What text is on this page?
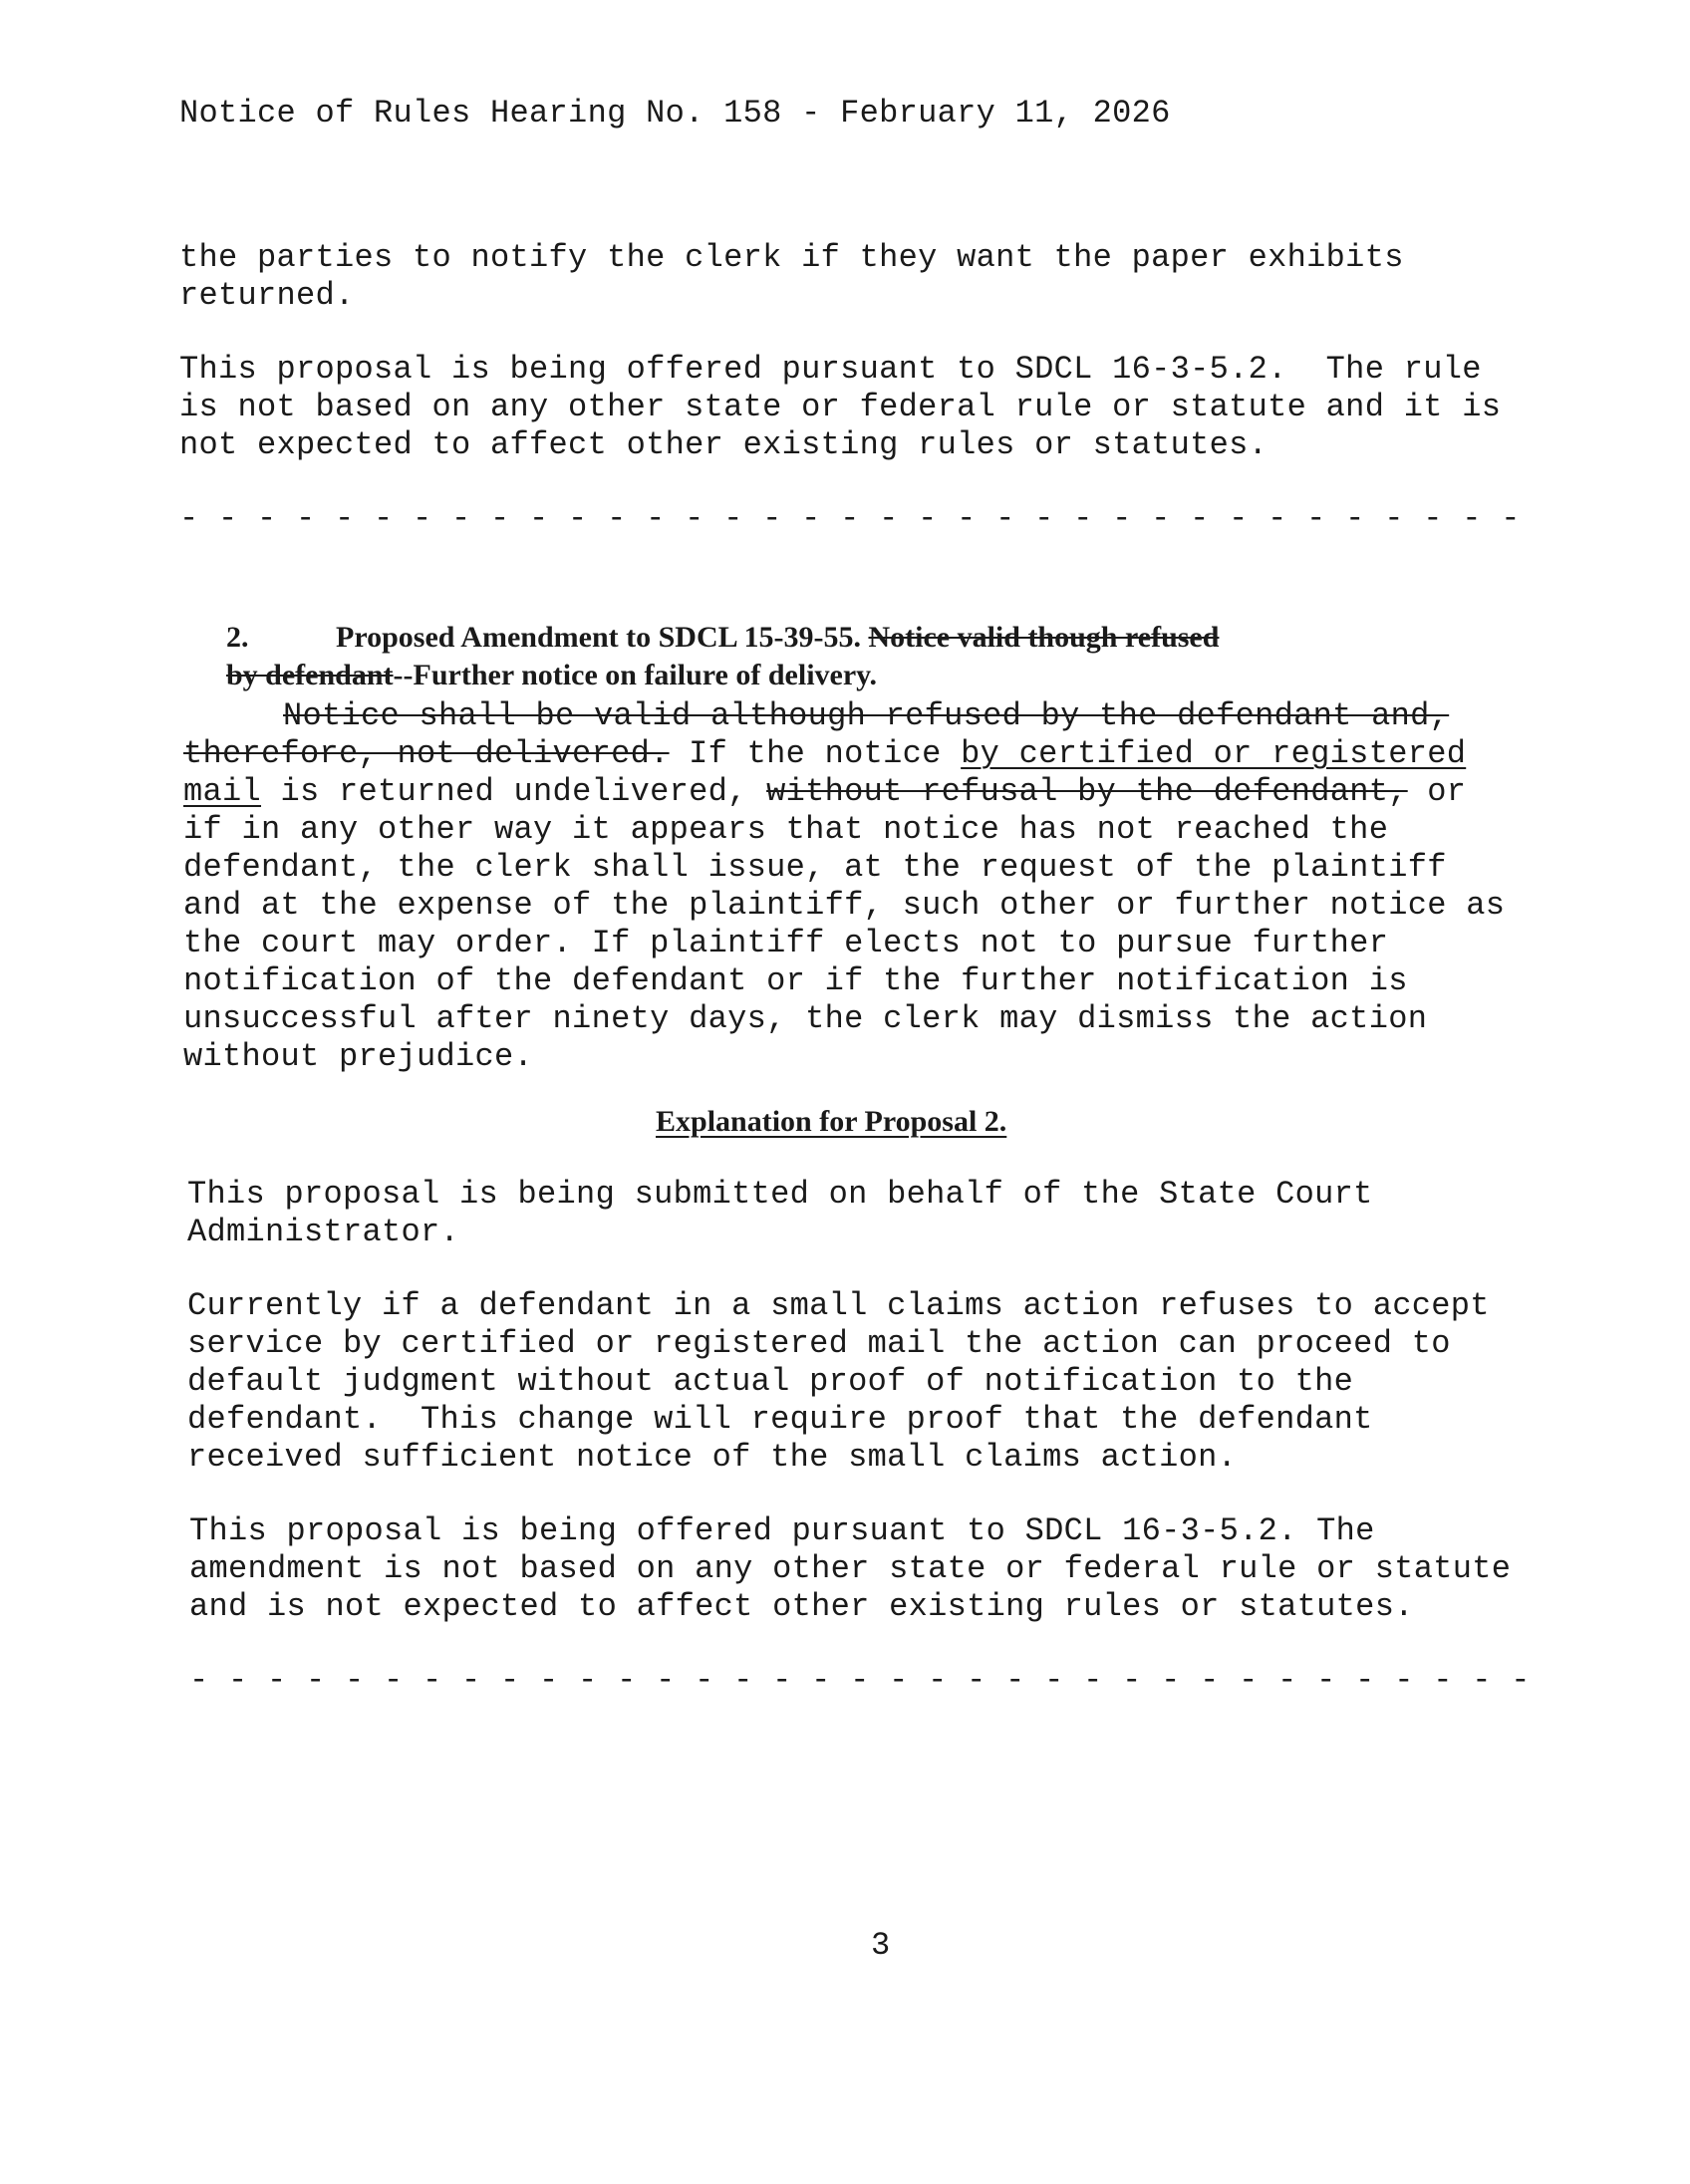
Notice of Rules Hearing No. 158 - February 11, 2026
the parties to notify the clerk if they want the paper exhibits
returned.
This proposal is being offered pursuant to SDCL 16-3-5.2.  The rule
is not based on any other state or federal rule or statute and it is
not expected to affect other existing rules or statutes.
- - - - - - - - - - - - - - - - - - - - - - - - - - - - - - - - - - -

2.	Proposed Amendment to SDCL 15-39-55. Notice valid though refused

by defendant--Further notice on failure of delivery.

Notice shall be valid although refused by the defendant and,
therefore, not delivered. If the notice by certified or registered
mail is returned undelivered, without refusal by the defendant, or
if in any other way it appears that notice has not reached the
defendant, the clerk shall issue, at the request of the plaintiff
and at the expense of the plaintiff, such other or further notice as
the court may order. If plaintiff elects not to pursue further
notification of the defendant or if the further notification is
unsuccessful after ninety days, the clerk may dismiss the action
without prejudice.
Explanation for Proposal 2.
This proposal is being submitted on behalf of the State Court
Administrator.
Currently if a defendant in a small claims action refuses to accept
service by certified or registered mail the action can proceed to
default judgment without actual proof of notification to the
defendant.  This change will require proof that the defendant
received sufficient notice of the small claims action.
This proposal is being offered pursuant to SDCL 16-3-5.2. The
amendment is not based on any other state or federal rule or statute
and is not expected to affect other existing rules or statutes.
- - - - - - - - - - - - - - - - - - - - - - - - - - - - - - - - - - -
3
